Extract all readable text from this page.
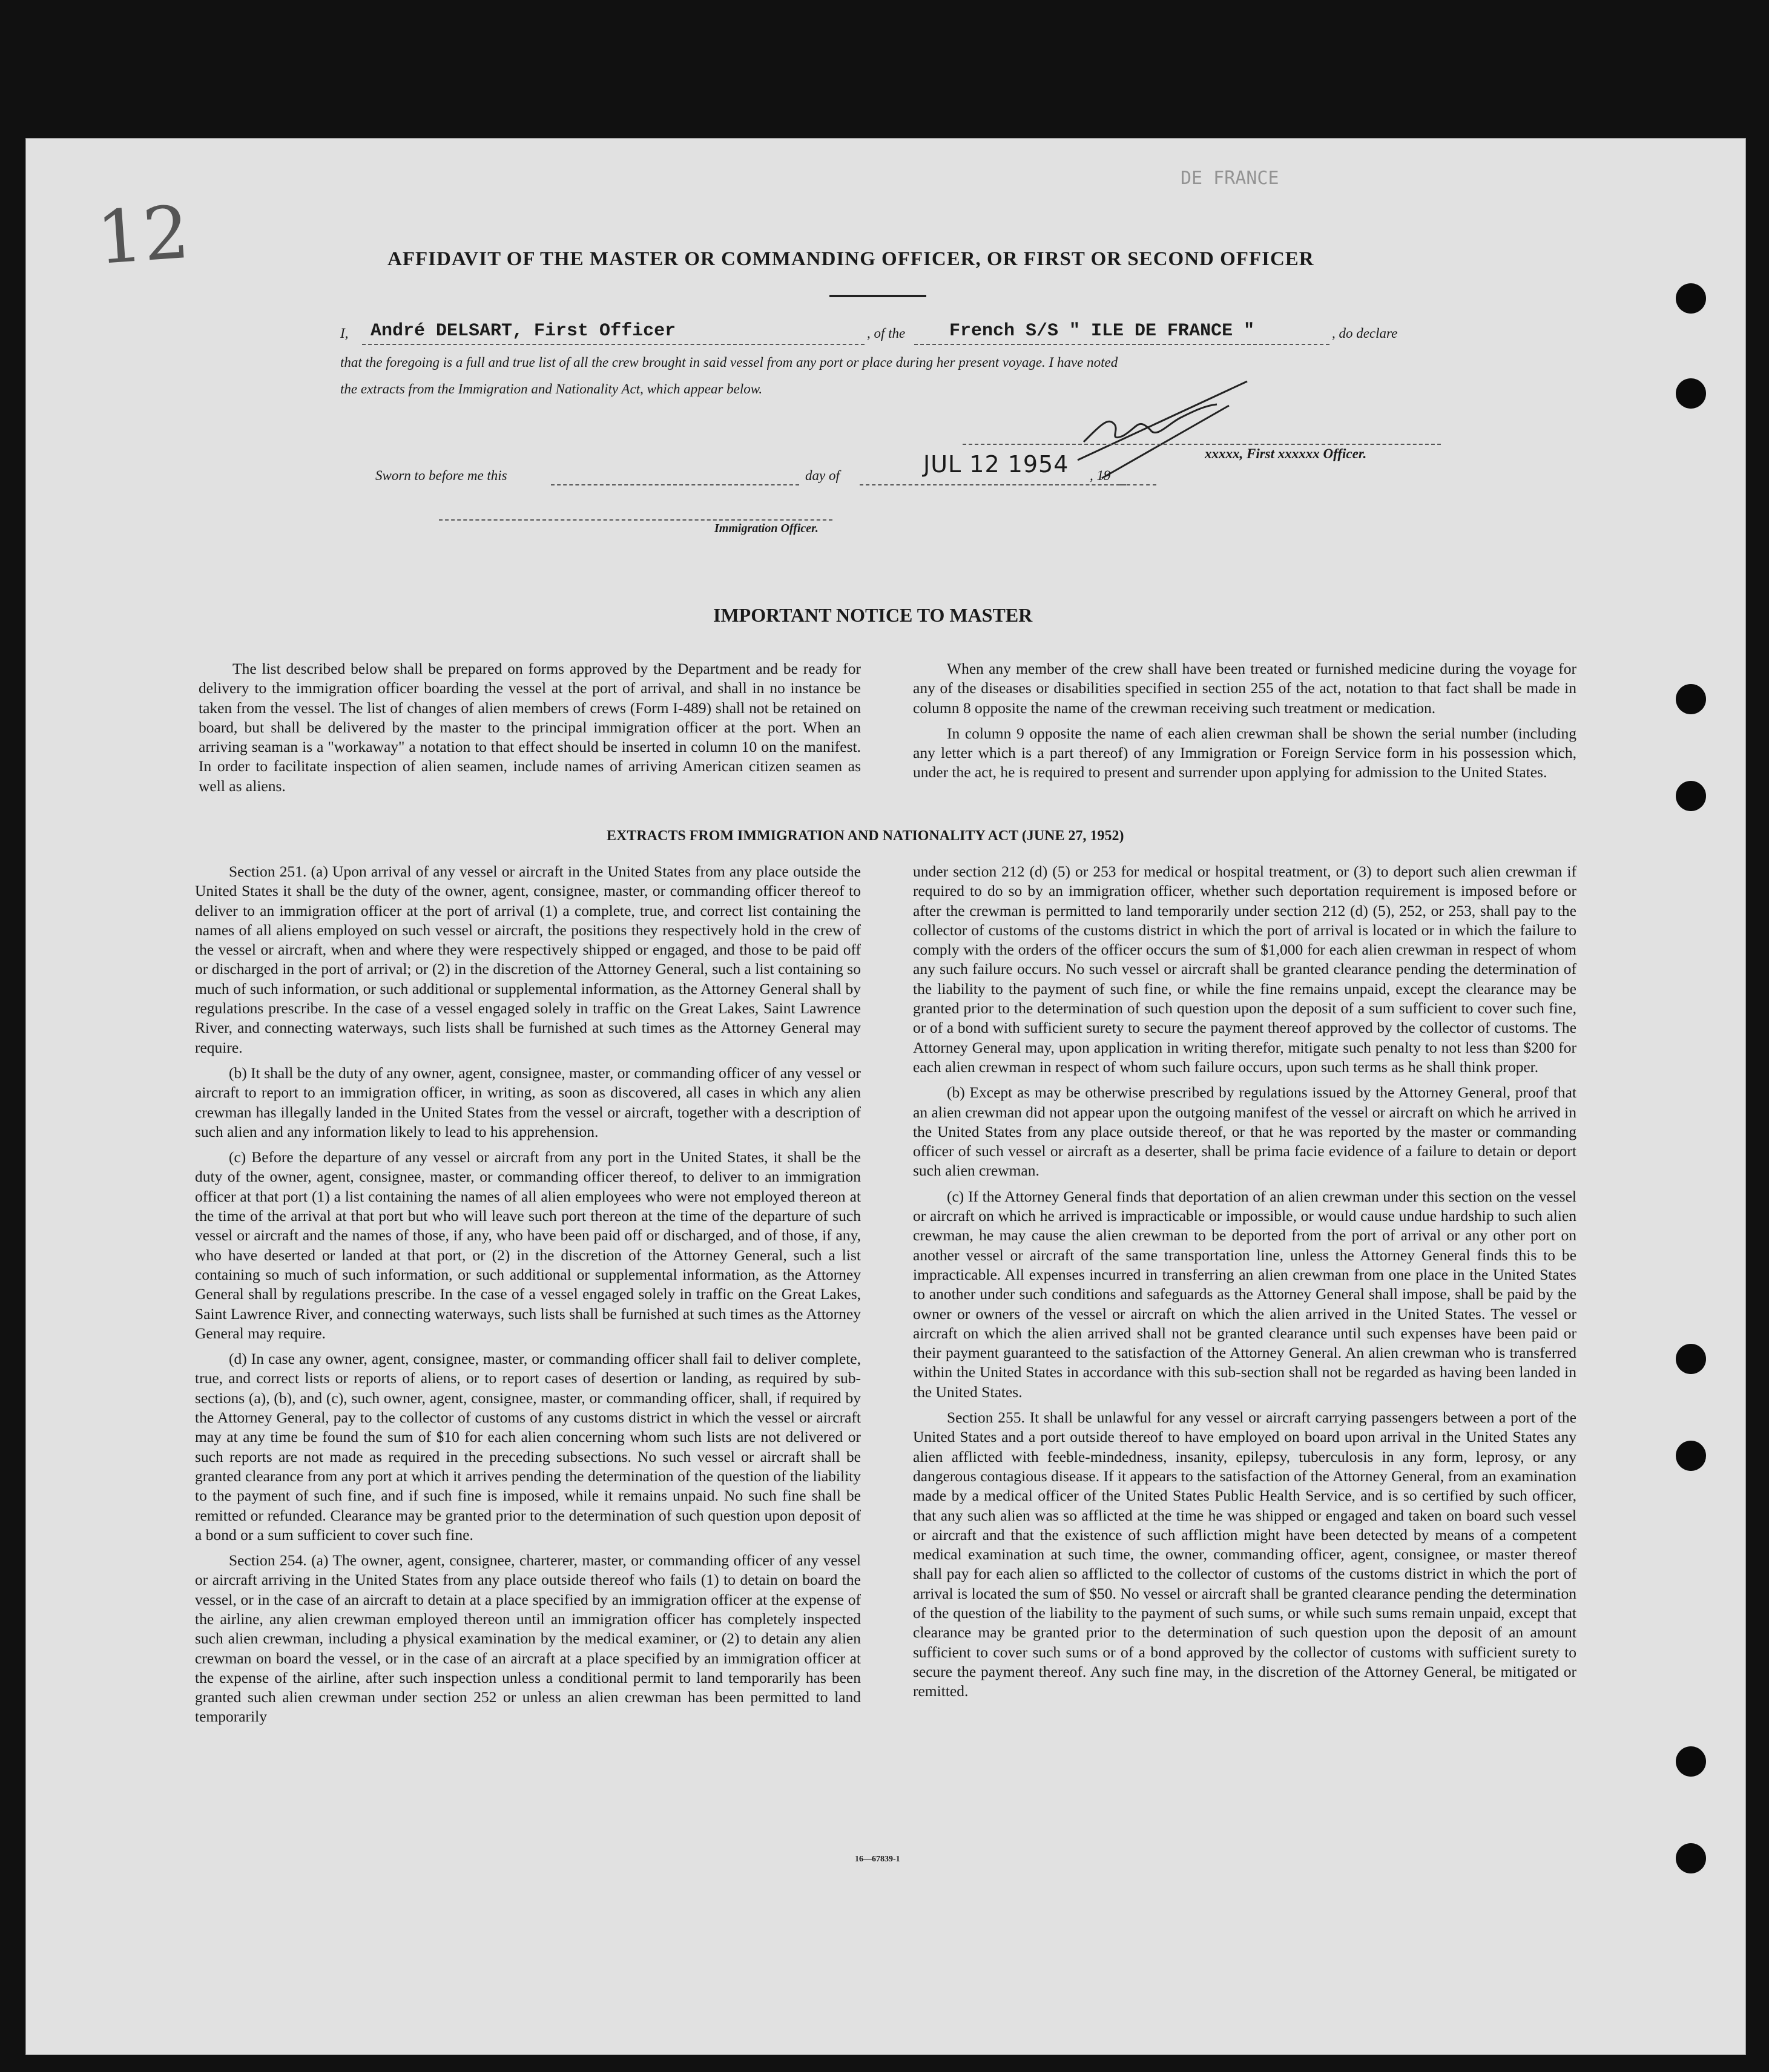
12
DE FRANCE
AFFIDAVIT OF THE MASTER OR COMMANDING OFFICER, OR FIRST OR SECOND OFFICER
I, André DELSART, First Officer	, of the French S/S " ILE DE FRANCE "	, do declare
that the foregoing is a full and true list of all the crew brought in said vessel from any port or place during her present voyage. I have noted
the extracts from the Immigration and Nationality Act, which appear below.
xxxxx, First xxxxxx Officer.
Sworn to before me this	day of	JUL 12 1954 , 19
Immigration Officer.
IMPORTANT NOTICE TO MASTER

The list described below shall be prepared on forms approved by the Department and be ready for delivery to the immigration officer boarding the vessel at the port of arrival, and shall in no instance be taken from the vessel. The list of changes of alien members of crews (Form I-489) shall not be retained on board, but shall be delivered by the master to the principal immigration officer at the port. When an arriving seaman is a "workaway" a notation to that effect should be inserted in column 10 on the manifest. In order to facilitate inspection of alien seamen, include names of arriving American citizen seamen as well as aliens.

When any member of the crew shall have been treated or furnished medicine during the voyage for any of the diseases or disabilities specified in section 255 of the act, notation to that fact shall be made in column 8 opposite the name of the crewman receiving such treatment or medication.

In column 9 opposite the name of each alien crewman shall be shown the serial number (including any letter which is a part thereof) of any Immigration or Foreign Service form in his possession which, under the act, he is required to present and surrender upon applying for admission to the United States.

EXTRACTS FROM IMMIGRATION AND NATIONALITY ACT (JUNE 27, 1952)

Section 251. (a) Upon arrival of any vessel or aircraft in the United States from any place outside the United States it shall be the duty of the owner, agent, consignee, master, or commanding officer thereof to deliver to an immigration officer at the port of arrival (1) a complete, true, and correct list containing the names of all aliens employed on such vessel or aircraft, the positions they respectively hold in the crew of the vessel or aircraft, when and where they were respectively shipped or engaged, and those to be paid off or discharged in the port of arrival; or (2) in the discretion of the Attorney General, such a list containing so much of such information, or such additional or supplemental information, as the Attorney General shall by regulations prescribe. In the case of a vessel engaged solely in traffic on the Great Lakes, Saint Lawrence River, and connecting waterways, such lists shall be furnished at such times as the Attorney General may require.

(b) It shall be the duty of any owner, agent, consignee, master, or commanding officer of any vessel or aircraft to report to an immigration officer, in writing, as soon as discovered, all cases in which any alien crewman has illegally landed in the United States from the vessel or aircraft, together with a description of such alien and any information likely to lead to his apprehension.

(c) Before the departure of any vessel or aircraft from any port in the United States, it shall be the duty of the owner, agent, consignee, master, or commanding officer thereof, to deliver to an immigration officer at that port (1) a list containing the names of all alien employees who were not employed thereon at the time of the arrival at that port but who will leave such port thereon at the time of the departure of such vessel or aircraft and the names of those, if any, who have been paid off or discharged, and of those, if any, who have deserted or landed at that port, or (2) in the discretion of the Attorney General, such a list containing so much of such information, or such additional or supplemental information, as the Attorney General shall by regulations prescribe. In the case of a vessel engaged solely in traffic on the Great Lakes, Saint Lawrence River, and connecting waterways, such lists shall be furnished at such times as the Attorney General may require.

(d) In case any owner, agent, consignee, master, or commanding officer shall fail to deliver complete, true, and correct lists or reports of aliens, or to report cases of desertion or landing, as required by sub-sections (a), (b), and (c), such owner, agent, consignee, master, or commanding officer, shall, if required by the Attorney General, pay to the collector of customs of any customs district in which the vessel or aircraft may at any time be found the sum of $10 for each alien concerning whom such lists are not delivered or such reports are not made as required in the preceding subsections. No such vessel or aircraft shall be granted clearance from any port at which it arrives pending the determination of the question of the liability to the payment of such fine, and if such fine is imposed, while it remains unpaid. No such fine shall be remitted or refunded. Clearance may be granted prior to the determination of such question upon deposit of a bond or a sum sufficient to cover such fine.

Section 254. (a) The owner, agent, consignee, charterer, master, or commanding officer of any vessel or aircraft arriving in the United States from any place outside thereof who fails (1) to detain on board the vessel, or in the case of an aircraft to detain at a place specified by an immigration officer at the expense of the airline, any alien crewman employed thereon until an immigration officer has completely inspected such alien crewman, including a physical examination by the medical examiner, or (2) to detain any alien crewman on board the vessel, or in the case of an aircraft at a place specified by an immigration officer at the expense of the airline, after such inspection unless a conditional permit to land temporarily has been granted such alien crewman under section 252 or unless an alien crewman has been permitted to land temporarily

under section 212 (d) (5) or 253 for medical or hospital treatment, or (3) to deport such alien crewman if required to do so by an immigration officer, whether such deportation requirement is imposed before or after the crewman is permitted to land temporarily under section 212 (d) (5), 252, or 253, shall pay to the collector of customs of the customs district in which the port of arrival is located or in which the failure to comply with the orders of the officer occurs the sum of $1,000 for each alien crewman in respect of whom any such failure occurs. No such vessel or aircraft shall be granted clearance pending the determination of the liability to the payment of such fine, or while the fine remains unpaid, except the clearance may be granted prior to the determination of such question upon the deposit of a sum sufficient to cover such fine, or of a bond with sufficient surety to secure the payment thereof approved by the collector of customs. The Attorney General may, upon application in writing therefor, mitigate such penalty to not less than $200 for each alien crewman in respect of whom such failure occurs, upon such terms as he shall think proper.

(b) Except as may be otherwise prescribed by regulations issued by the Attorney General, proof that an alien crewman did not appear upon the outgoing manifest of the vessel or aircraft on which he arrived in the United States from any place outside thereof, or that he was reported by the master or commanding officer of such vessel or aircraft as a deserter, shall be prima facie evidence of a failure to detain or deport such alien crewman.

(c) If the Attorney General finds that deportation of an alien crewman under this section on the vessel or aircraft on which he arrived is impracticable or impossible, or would cause undue hardship to such alien crewman, he may cause the alien crewman to be deported from the port of arrival or any other port on another vessel or aircraft of the same transportation line, unless the Attorney General finds this to be impracticable. All expenses incurred in transferring an alien crewman from one place in the United States to another under such conditions and safeguards as the Attorney General shall impose, shall be paid by the owner or owners of the vessel or aircraft on which the alien arrived in the United States. The vessel or aircraft on which the alien arrived shall not be granted clearance until such expenses have been paid or their payment guaranteed to the satisfaction of the Attorney General. An alien crewman who is transferred within the United States in accordance with this sub-section shall not be regarded as having been landed in the United States.

Section 255. It shall be unlawful for any vessel or aircraft carrying passengers between a port of the United States and a port outside thereof to have employed on board upon arrival in the United States any alien afflicted with feeble-mindedness, insanity, epilepsy, tuberculosis in any form, leprosy, or any dangerous contagious disease. If it appears to the satisfaction of the Attorney General, from an examination made by a medical officer of the United States Public Health Service, and is so certified by such officer, that any such alien was so afflicted at the time he was shipped or engaged and taken on board such vessel or aircraft and that the existence of such affliction might have been detected by means of a competent medical examination at such time, the owner, commanding officer, agent, consignee, or master thereof shall pay for each alien so afflicted to the collector of customs of the customs district in which the port of arrival is located the sum of $50. No vessel or aircraft shall be granted clearance pending the determination of the question of the liability to the payment of such sums, or while such sums remain unpaid, except that clearance may be granted prior to the determination of such question upon the deposit of an amount sufficient to cover such sums or of a bond approved by the collector of customs with sufficient surety to secure the payment thereof. Any such fine may, in the discretion of the Attorney General, be mitigated or remitted.

16—67839-1
